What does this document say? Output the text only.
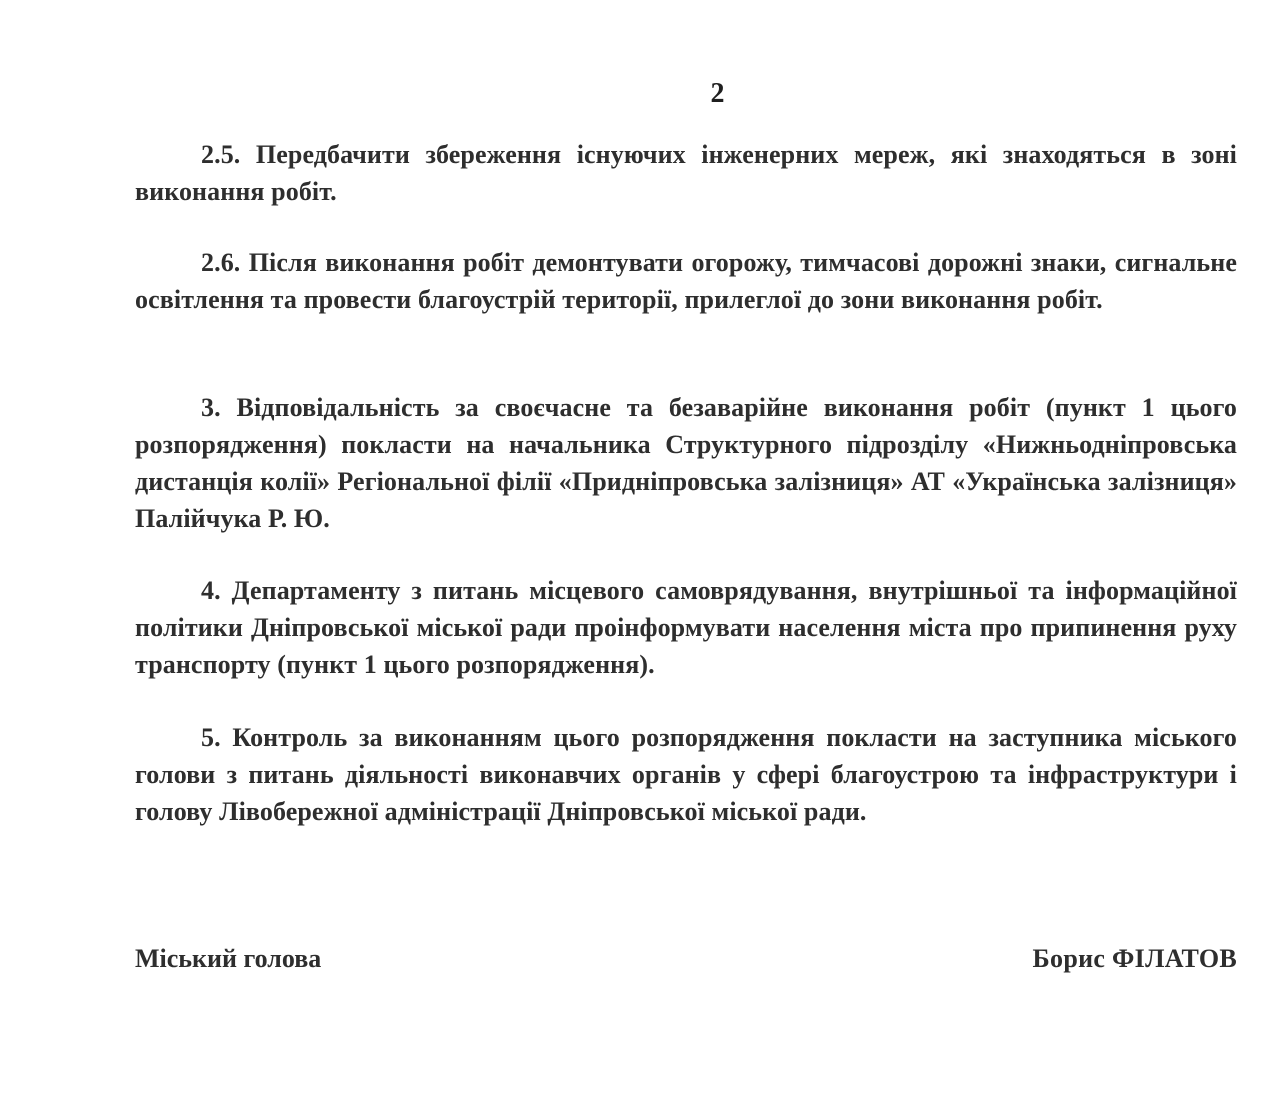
2

2.5. Передбачити збереження існуючих інженерних мереж, які знаходяться в зоні виконання робіт.

2.6. Після виконання робіт демонтувати огорожу, тимчасові дорожні знаки, сигнальне освітлення та провести благоустрій території, прилеглої до зони виконання робіт.

3. Відповідальність за своєчасне та безаварійне виконання робіт (пункт 1 цього розпорядження) покласти на начальника Структурного підрозділу «Нижньодніпровська дистанція колії» Регіональної філії «Придніпровська залізниця» АТ «Українська залізниця» Палійчука Р. Ю.

4. Департаменту з питань місцевого самоврядування, внутрішньої та інформаційної політики Дніпровської міської ради проінформувати населення міста про припинення руху транспорту (пункт 1 цього розпорядження).

5. Контроль за виконанням цього розпорядження покласти на заступника міського голови з питань діяльності виконавчих органів у сфері благоустрою та інфраструктури і голову Лівобережної адміністрації Дніпровської міської ради.

Міський голова	Борис ФІЛАТОВ
